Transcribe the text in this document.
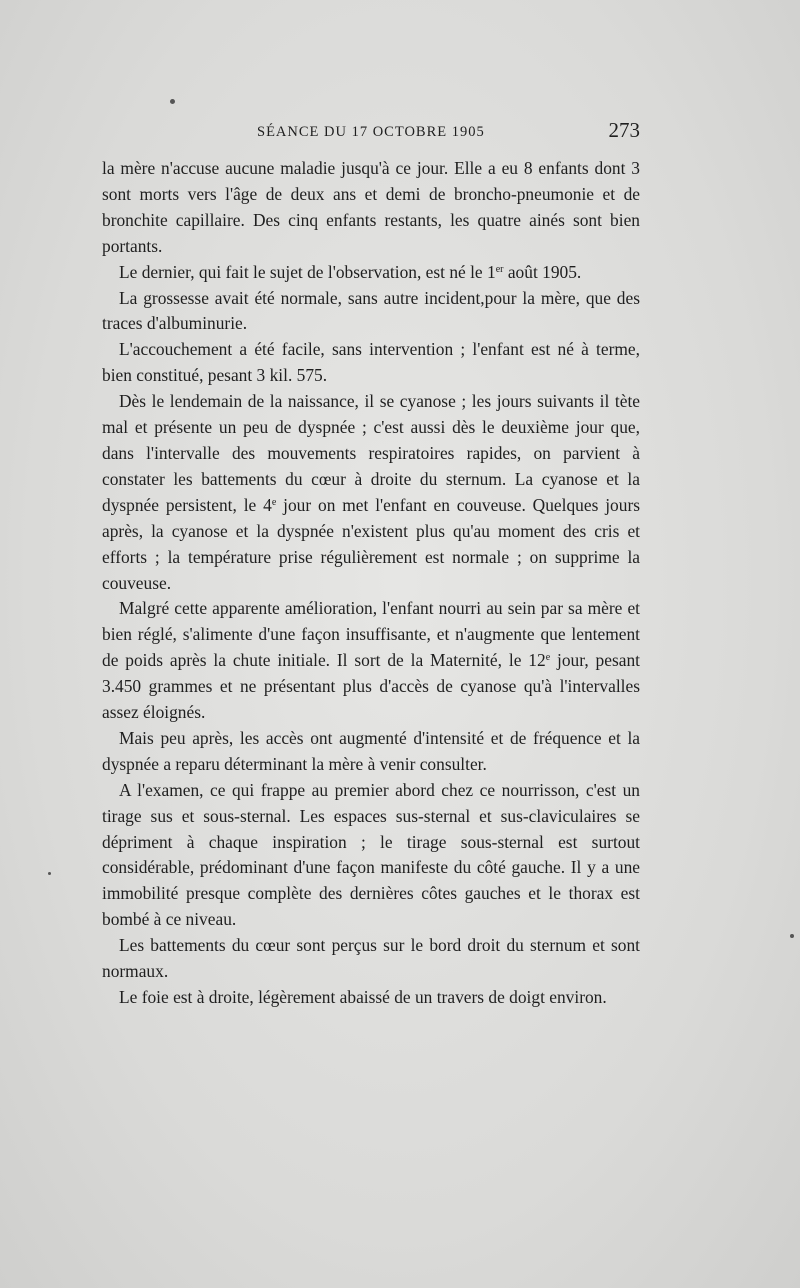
SÉANCE DU 17 OCTOBRE 1905	273

la mère n'accuse aucune maladie jusqu'à ce jour. Elle a eu 8 enfants dont 3 sont morts vers l'âge de deux ans et demi de broncho-pneumonie et de bronchite capillaire. Des cinq enfants restants, les quatre ainés sont bien portants.

Le dernier, qui fait le sujet de l'observation, est né le 1er août 1905.

La grossesse avait été normale, sans autre incident,pour la mère, que des traces d'albuminurie.

L'accouchement a été facile, sans intervention ; l'enfant est né à terme, bien constitué, pesant 3 kil. 575.

Dès le lendemain de la naissance, il se cyanose ; les jours suivants il tète mal et présente un peu de dyspnée ; c'est aussi dès le deuxième jour que, dans l'intervalle des mouvements respiratoires rapides, on parvient à constater les battements du cœur à droite du sternum. La cyanose et la dyspnée persistent, le 4e jour on met l'enfant en couveuse. Quelques jours après, la cyanose et la dyspnée n'existent plus qu'au moment des cris et efforts ; la température prise régulièrement est normale ; on supprime la couveuse.

Malgré cette apparente amélioration, l'enfant nourri au sein par sa mère et bien réglé, s'alimente d'une façon insuffisante, et n'augmente que lentement de poids après la chute initiale. Il sort de la Maternité, le 12e jour, pesant 3.450 grammes et ne présentant plus d'accès de cyanose qu'à l'intervalles assez éloignés.

Mais peu après, les accès ont augmenté d'intensité et de fréquence et la dyspnée a reparu déterminant la mère à venir consulter.

A l'examen, ce qui frappe au premier abord chez ce nourrisson, c'est un tirage sus et sous-sternal. Les espaces sus-sternal et sus-claviculaires se dépriment à chaque inspiration ; le tirage sous-sternal est surtout considérable, prédominant d'une façon manifeste du côté gauche. Il y a une immobilité presque complète des dernières côtes gauches et le thorax est bombé à ce niveau.

Les battements du cœur sont perçus sur le bord droit du sternum et sont normaux.

Le foie est à droite, légèrement abaissé de un travers de doigt environ.
